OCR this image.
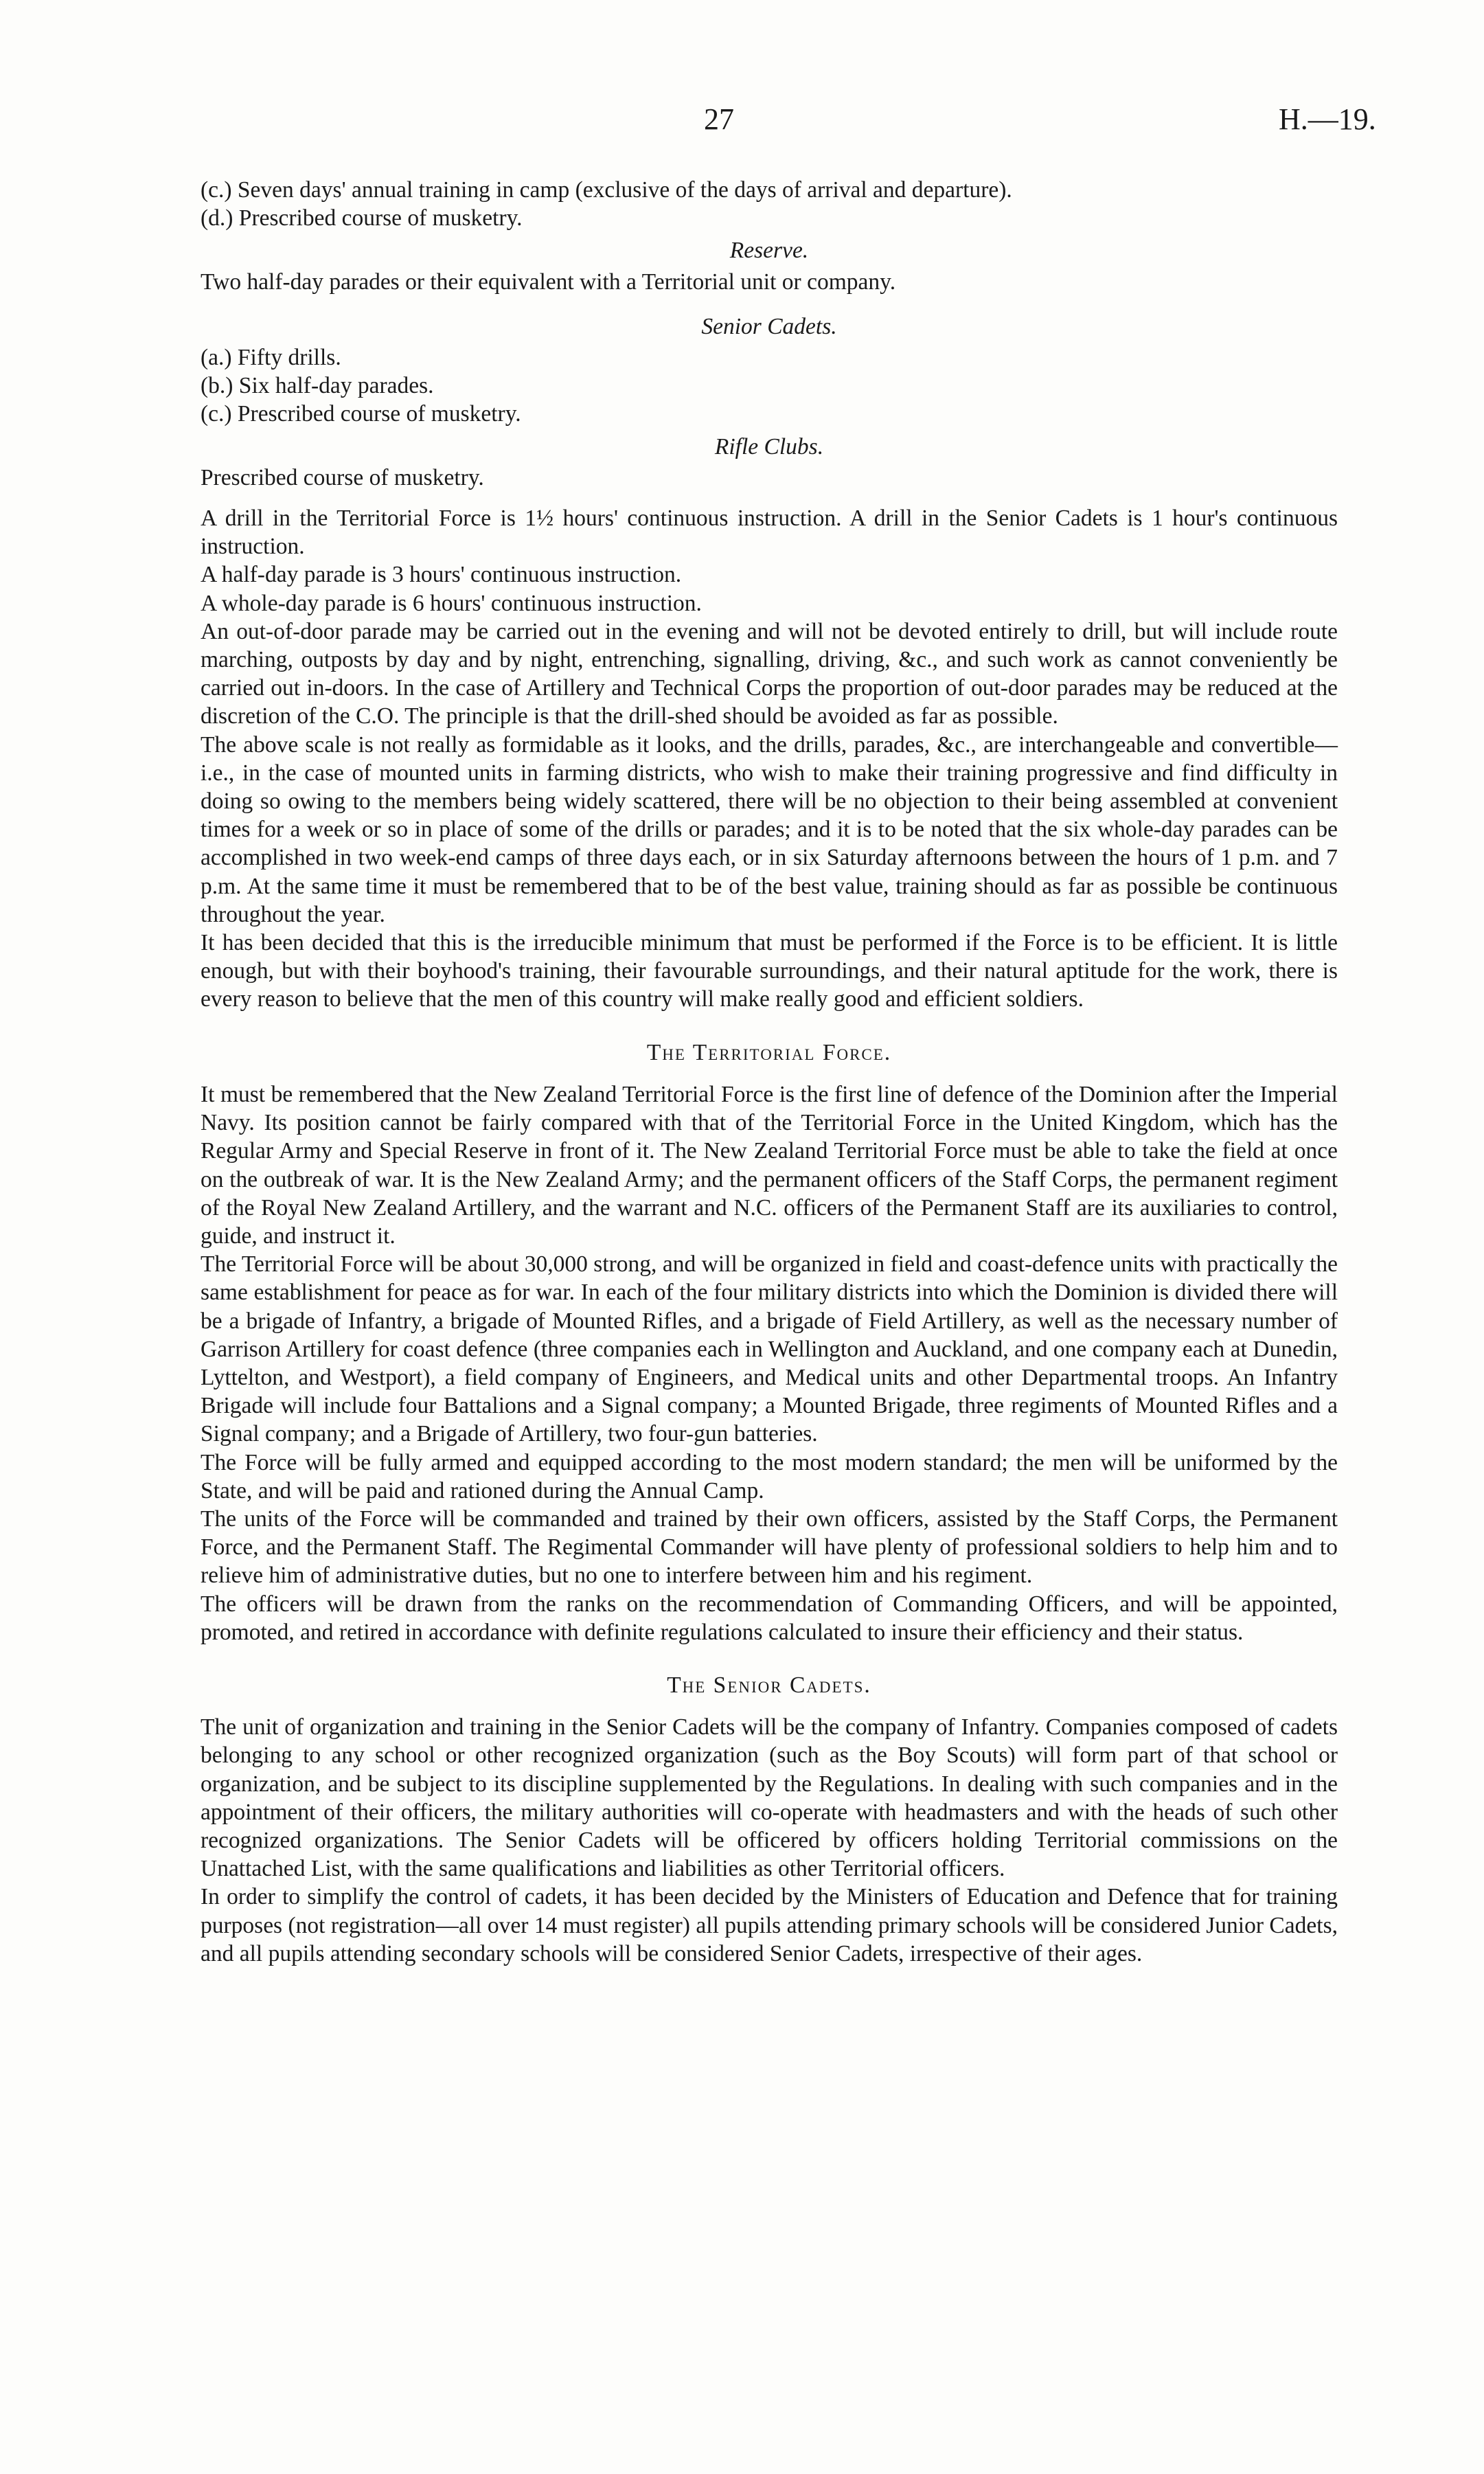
27	H.—19.

(c.) Seven days' annual training in camp (exclusive of the days of arrival and departure).

(d.) Prescribed course of musketry.

Reserve.

Two half-day parades or their equivalent with a Territorial unit or company.

Senior Cadets.

(a.) Fifty drills.

(b.) Six half-day parades.

(c.) Prescribed course of musketry.

Rifle Clubs.

Prescribed course of musketry.

A drill in the Territorial Force is 1½ hours' continuous instruction. A drill in the Senior Cadets is 1 hour's continuous instruction.

A half-day parade is 3 hours' continuous instruction.

A whole-day parade is 6 hours' continuous instruction.

An out-of-door parade may be carried out in the evening and will not be devoted entirely to drill, but will include route marching, outposts by day and by night, entrenching, signalling, driving, &c., and such work as cannot conveniently be carried out in-doors. In the case of Artillery and Technical Corps the proportion of out-door parades may be reduced at the discretion of the C.O. The principle is that the drill-shed should be avoided as far as possible.

The above scale is not really as formidable as it looks, and the drills, parades, &c., are interchangeable and convertible—i.e., in the case of mounted units in farming districts, who wish to make their training progressive and find difficulty in doing so owing to the members being widely scattered, there will be no objection to their being assembled at convenient times for a week or so in place of some of the drills or parades; and it is to be noted that the six whole-day parades can be accomplished in two week-end camps of three days each, or in six Saturday afternoons between the hours of 1 p.m. and 7 p.m. At the same time it must be remembered that to be of the best value, training should as far as possible be continuous throughout the year.

It has been decided that this is the irreducible minimum that must be performed if the Force is to be efficient. It is little enough, but with their boyhood's training, their favourable surroundings, and their natural aptitude for the work, there is every reason to believe that the men of this country will make really good and efficient soldiers.

The Territorial Force.

It must be remembered that the New Zealand Territorial Force is the first line of defence of the Dominion after the Imperial Navy. Its position cannot be fairly compared with that of the Territorial Force in the United Kingdom, which has the Regular Army and Special Reserve in front of it. The New Zealand Territorial Force must be able to take the field at once on the outbreak of war. It is the New Zealand Army; and the permanent officers of the Staff Corps, the permanent regiment of the Royal New Zealand Artillery, and the warrant and N.C. officers of the Permanent Staff are its auxiliaries to control, guide, and instruct it.

The Territorial Force will be about 30,000 strong, and will be organized in field and coast-defence units with practically the same establishment for peace as for war. In each of the four military districts into which the Dominion is divided there will be a brigade of Infantry, a brigade of Mounted Rifles, and a brigade of Field Artillery, as well as the necessary number of Garrison Artillery for coast defence (three companies each in Wellington and Auckland, and one company each at Dunedin, Lyttelton, and Westport), a field company of Engineers, and Medical units and other Departmental troops. An Infantry Brigade will include four Battalions and a Signal company; a Mounted Brigade, three regiments of Mounted Rifles and a Signal company; and a Brigade of Artillery, two four-gun batteries.

The Force will be fully armed and equipped according to the most modern standard; the men will be uniformed by the State, and will be paid and rationed during the Annual Camp.

The units of the Force will be commanded and trained by their own officers, assisted by the Staff Corps, the Permanent Force, and the Permanent Staff. The Regimental Commander will have plenty of professional soldiers to help him and to relieve him of administrative duties, but no one to interfere between him and his regiment.

The officers will be drawn from the ranks on the recommendation of Commanding Officers, and will be appointed, promoted, and retired in accordance with definite regulations calculated to insure their efficiency and their status.

The Senior Cadets.

The unit of organization and training in the Senior Cadets will be the company of Infantry. Companies composed of cadets belonging to any school or other recognized organization (such as the Boy Scouts) will form part of that school or organization, and be subject to its discipline supplemented by the Regulations. In dealing with such companies and in the appointment of their officers, the military authorities will co-operate with headmasters and with the heads of such other recognized organizations. The Senior Cadets will be officered by officers holding Territorial commissions on the Unattached List, with the same qualifications and liabilities as other Territorial officers.

In order to simplify the control of cadets, it has been decided by the Ministers of Education and Defence that for training purposes (not registration—all over 14 must register) all pupils attending primary schools will be considered Junior Cadets, and all pupils attending secondary schools will be considered Senior Cadets, irrespective of their ages.
